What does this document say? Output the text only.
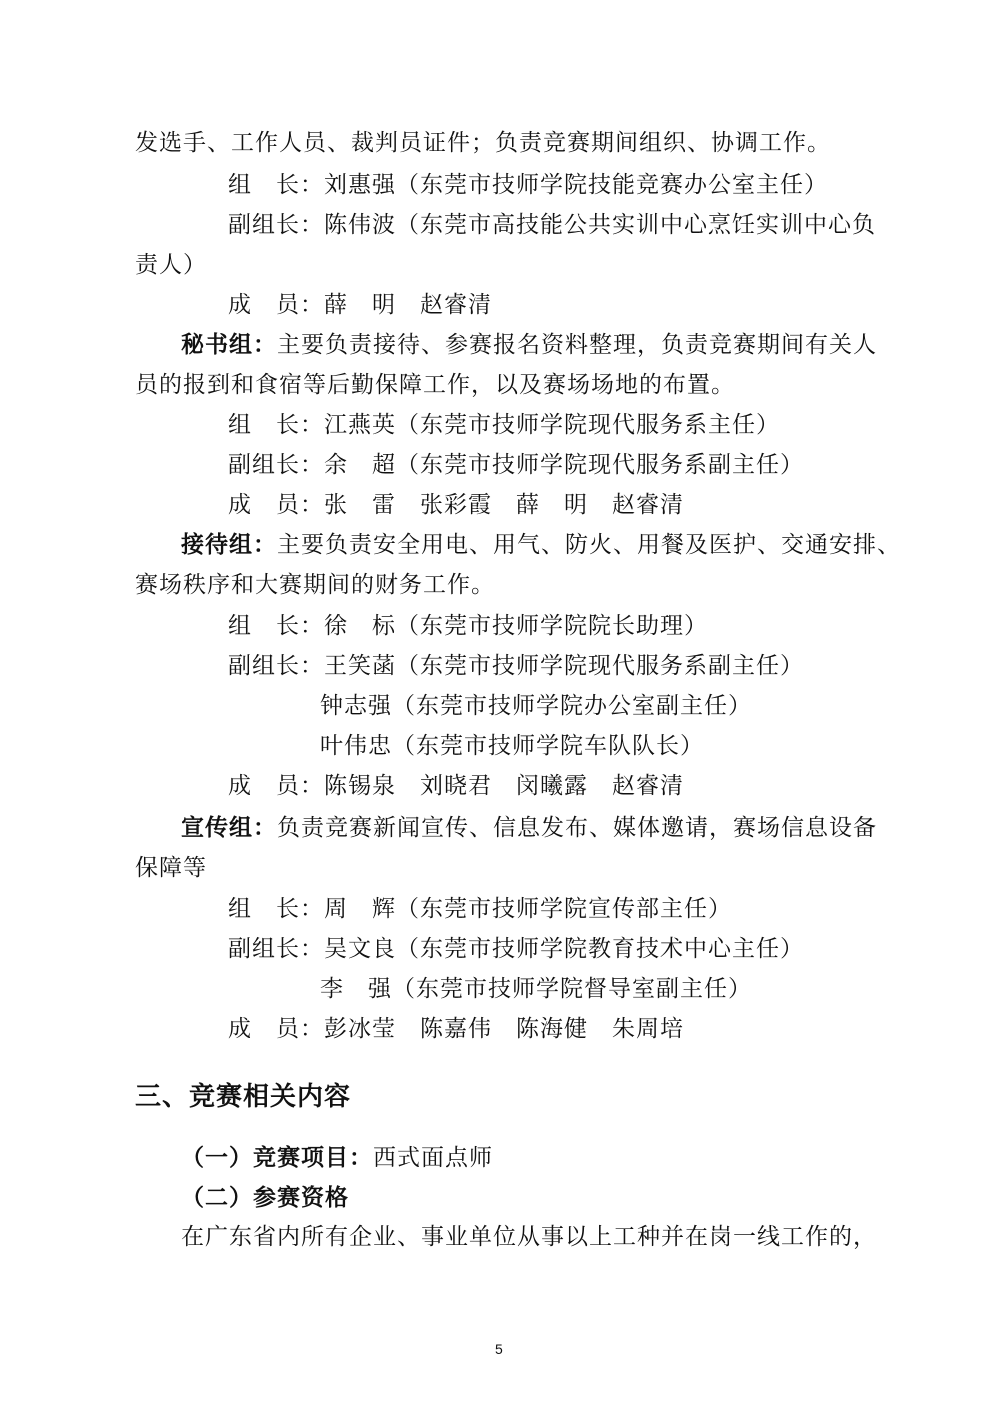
发选手、工作人员、裁判员证件；负责竞赛期间组织、协调工作。
组　长：刘惠强（东莞市技师学院技能竞赛办公室主任）
副组长：陈伟波（东莞市高技能公共实训中心烹饪实训中心负
责人）
成　员：薛　明　赵睿清
秘书组：主要负责接待、参赛报名资料整理，负责竞赛期间有关人
员的报到和食宿等后勤保障工作，以及赛场场地的布置。
组　长：江燕英（东莞市技师学院现代服务系主任）
副组长：余　超（东莞市技师学院现代服务系副主任）
成　员：张　雷　张彩霞　薛　明　赵睿清
接待组：主要负责安全用电、用气、防火、用餐及医护、交通安排、
赛场秩序和大赛期间的财务工作。
组　长：徐　标（东莞市技师学院院长助理）
副组长：王笑菡（东莞市技师学院现代服务系副主任）
钟志强（东莞市技师学院办公室副主任）
叶伟忠（东莞市技师学院车队队长）
成　员：陈锡泉　刘晓君　闵曦露　赵睿清
宣传组：负责竞赛新闻宣传、信息发布、媒体邀请，赛场信息设备
保障等
组　长：周　辉（东莞市技师学院宣传部主任）
副组长：吴文良（东莞市技师学院教育技术中心主任）
李　强（东莞市技师学院督导室副主任）
成　员：彭冰莹　陈嘉伟　陈海健　朱周培
三、竞赛相关内容
（一）竞赛项目：西式面点师
（二）参赛资格
在广东省内所有企业、事业单位从事以上工种并在岗一线工作的，
5
